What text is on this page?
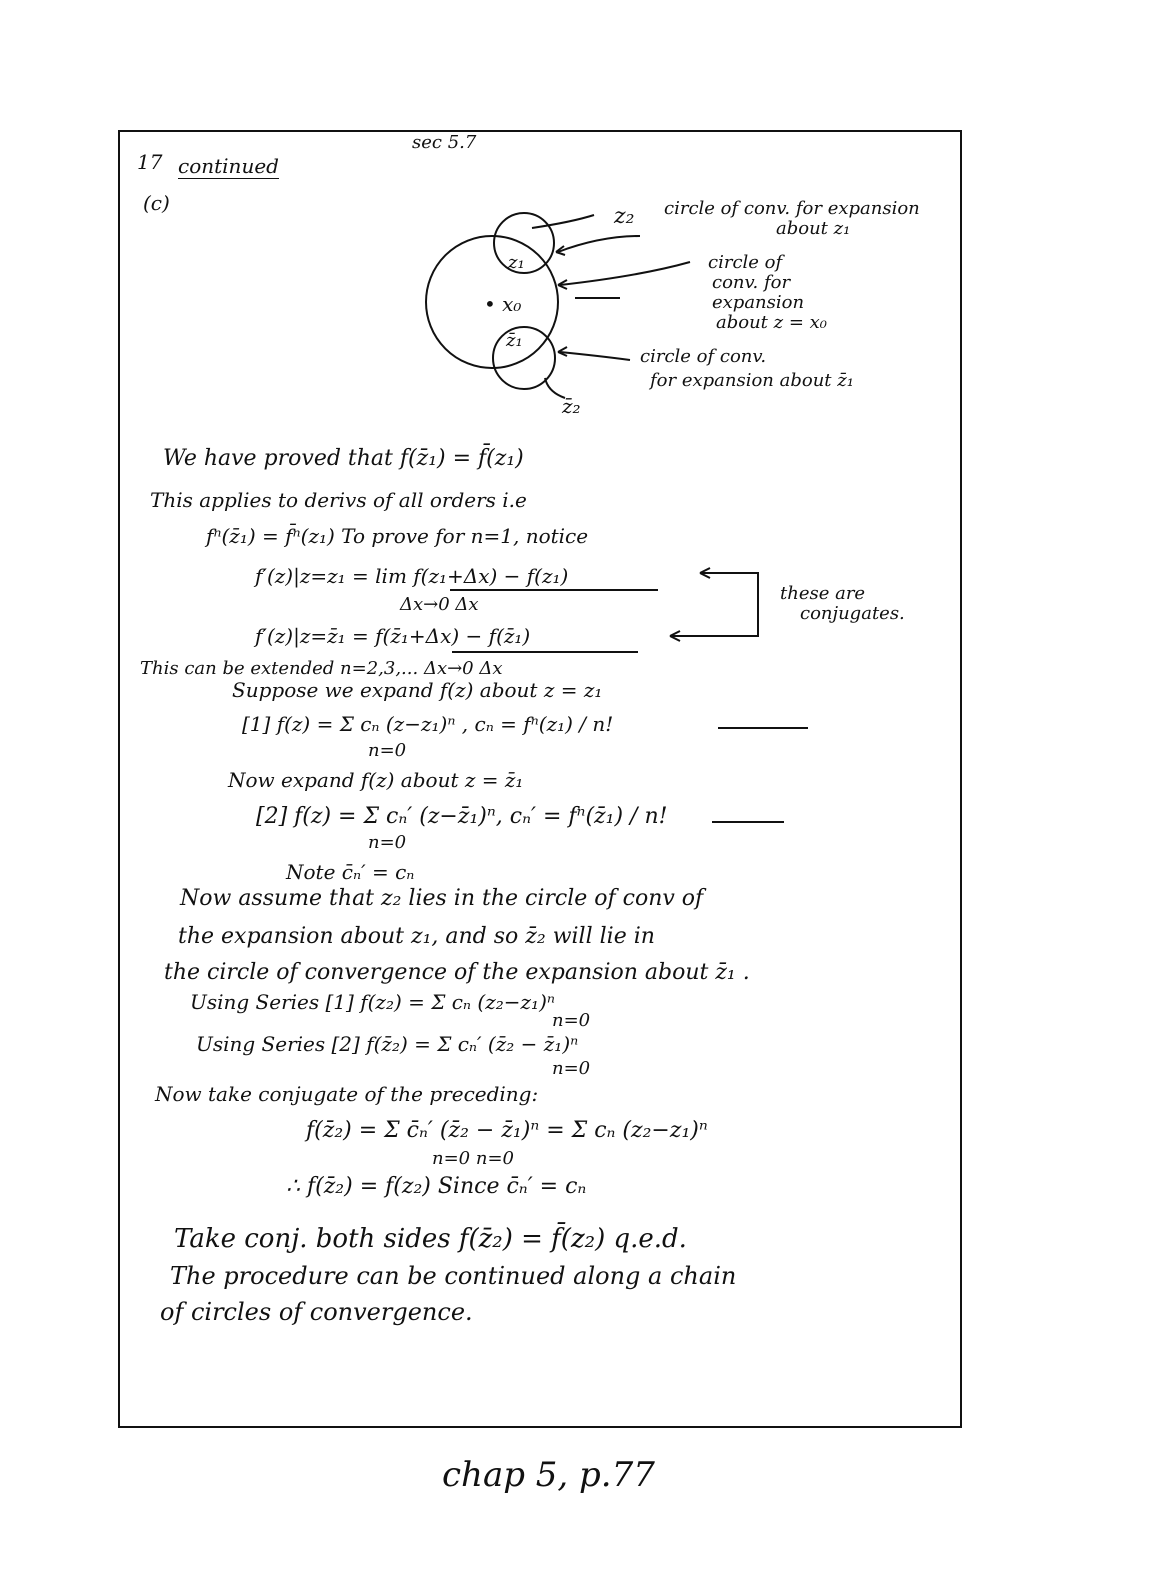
17 continued
sec 5.7
(c)
z₂
z₁
• x₀
z̄₁
z̄₂
circle of conv. for expansion
about z₁
circle of
conv. for
expansion
about z = x₀
circle of conv.
for expansion about z̄₁
We have proved that f(z̄₁) = f̄(z₁)
This applies to derivs of all orders i.e
fⁿ(z̄₁) = f̄ⁿ(z₁) To prove for n=1, notice
f′(z)|z=z₁ = lim f(z₁+Δx) − f(z₁)
Δx→0 Δx
f′(z)|z=z̄₁ = f(z̄₁+Δx) − f(z̄₁)
these are
conjugates.
This can be extended n=2,3,... Δx→0 Δx
Suppose we expand f(z) about z = z₁
[1] f(z) = Σ cₙ (z−z₁)ⁿ , cₙ = fⁿ(z₁) / n!
n=0
Now expand f(z) about z = z̄₁
[2] f(z) = Σ cₙ′ (z−z̄₁)ⁿ, cₙ′ = fⁿ(z̄₁) / n!
n=0
Note c̄ₙ′ = cₙ
Now assume that z₂ lies in the circle of conv of
the expansion about z₁, and so z̄₂ will lie in
the circle of convergence of the expansion about z̄₁ .
Using Series [1] f(z₂) = Σ cₙ (z₂−z₁)ⁿ
n=0
Using Series [2] f(z̄₂) = Σ cₙ′ (z̄₂ − z̄₁)ⁿ
n=0
Now take conjugate of the preceding:
f(z̄₂) = Σ c̄ₙ′ (z̄₂ − z̄₁)ⁿ = Σ cₙ (z₂−z₁)ⁿ
n=0 n=0
∴ f(z̄₂) = f(z₂) Since c̄ₙ′ = cₙ
Take conj. both sides f(z̄₂) = f̄(z₂) q.e.d.
The procedure can be continued along a chain
of circles of convergence.
chap 5, p.77
